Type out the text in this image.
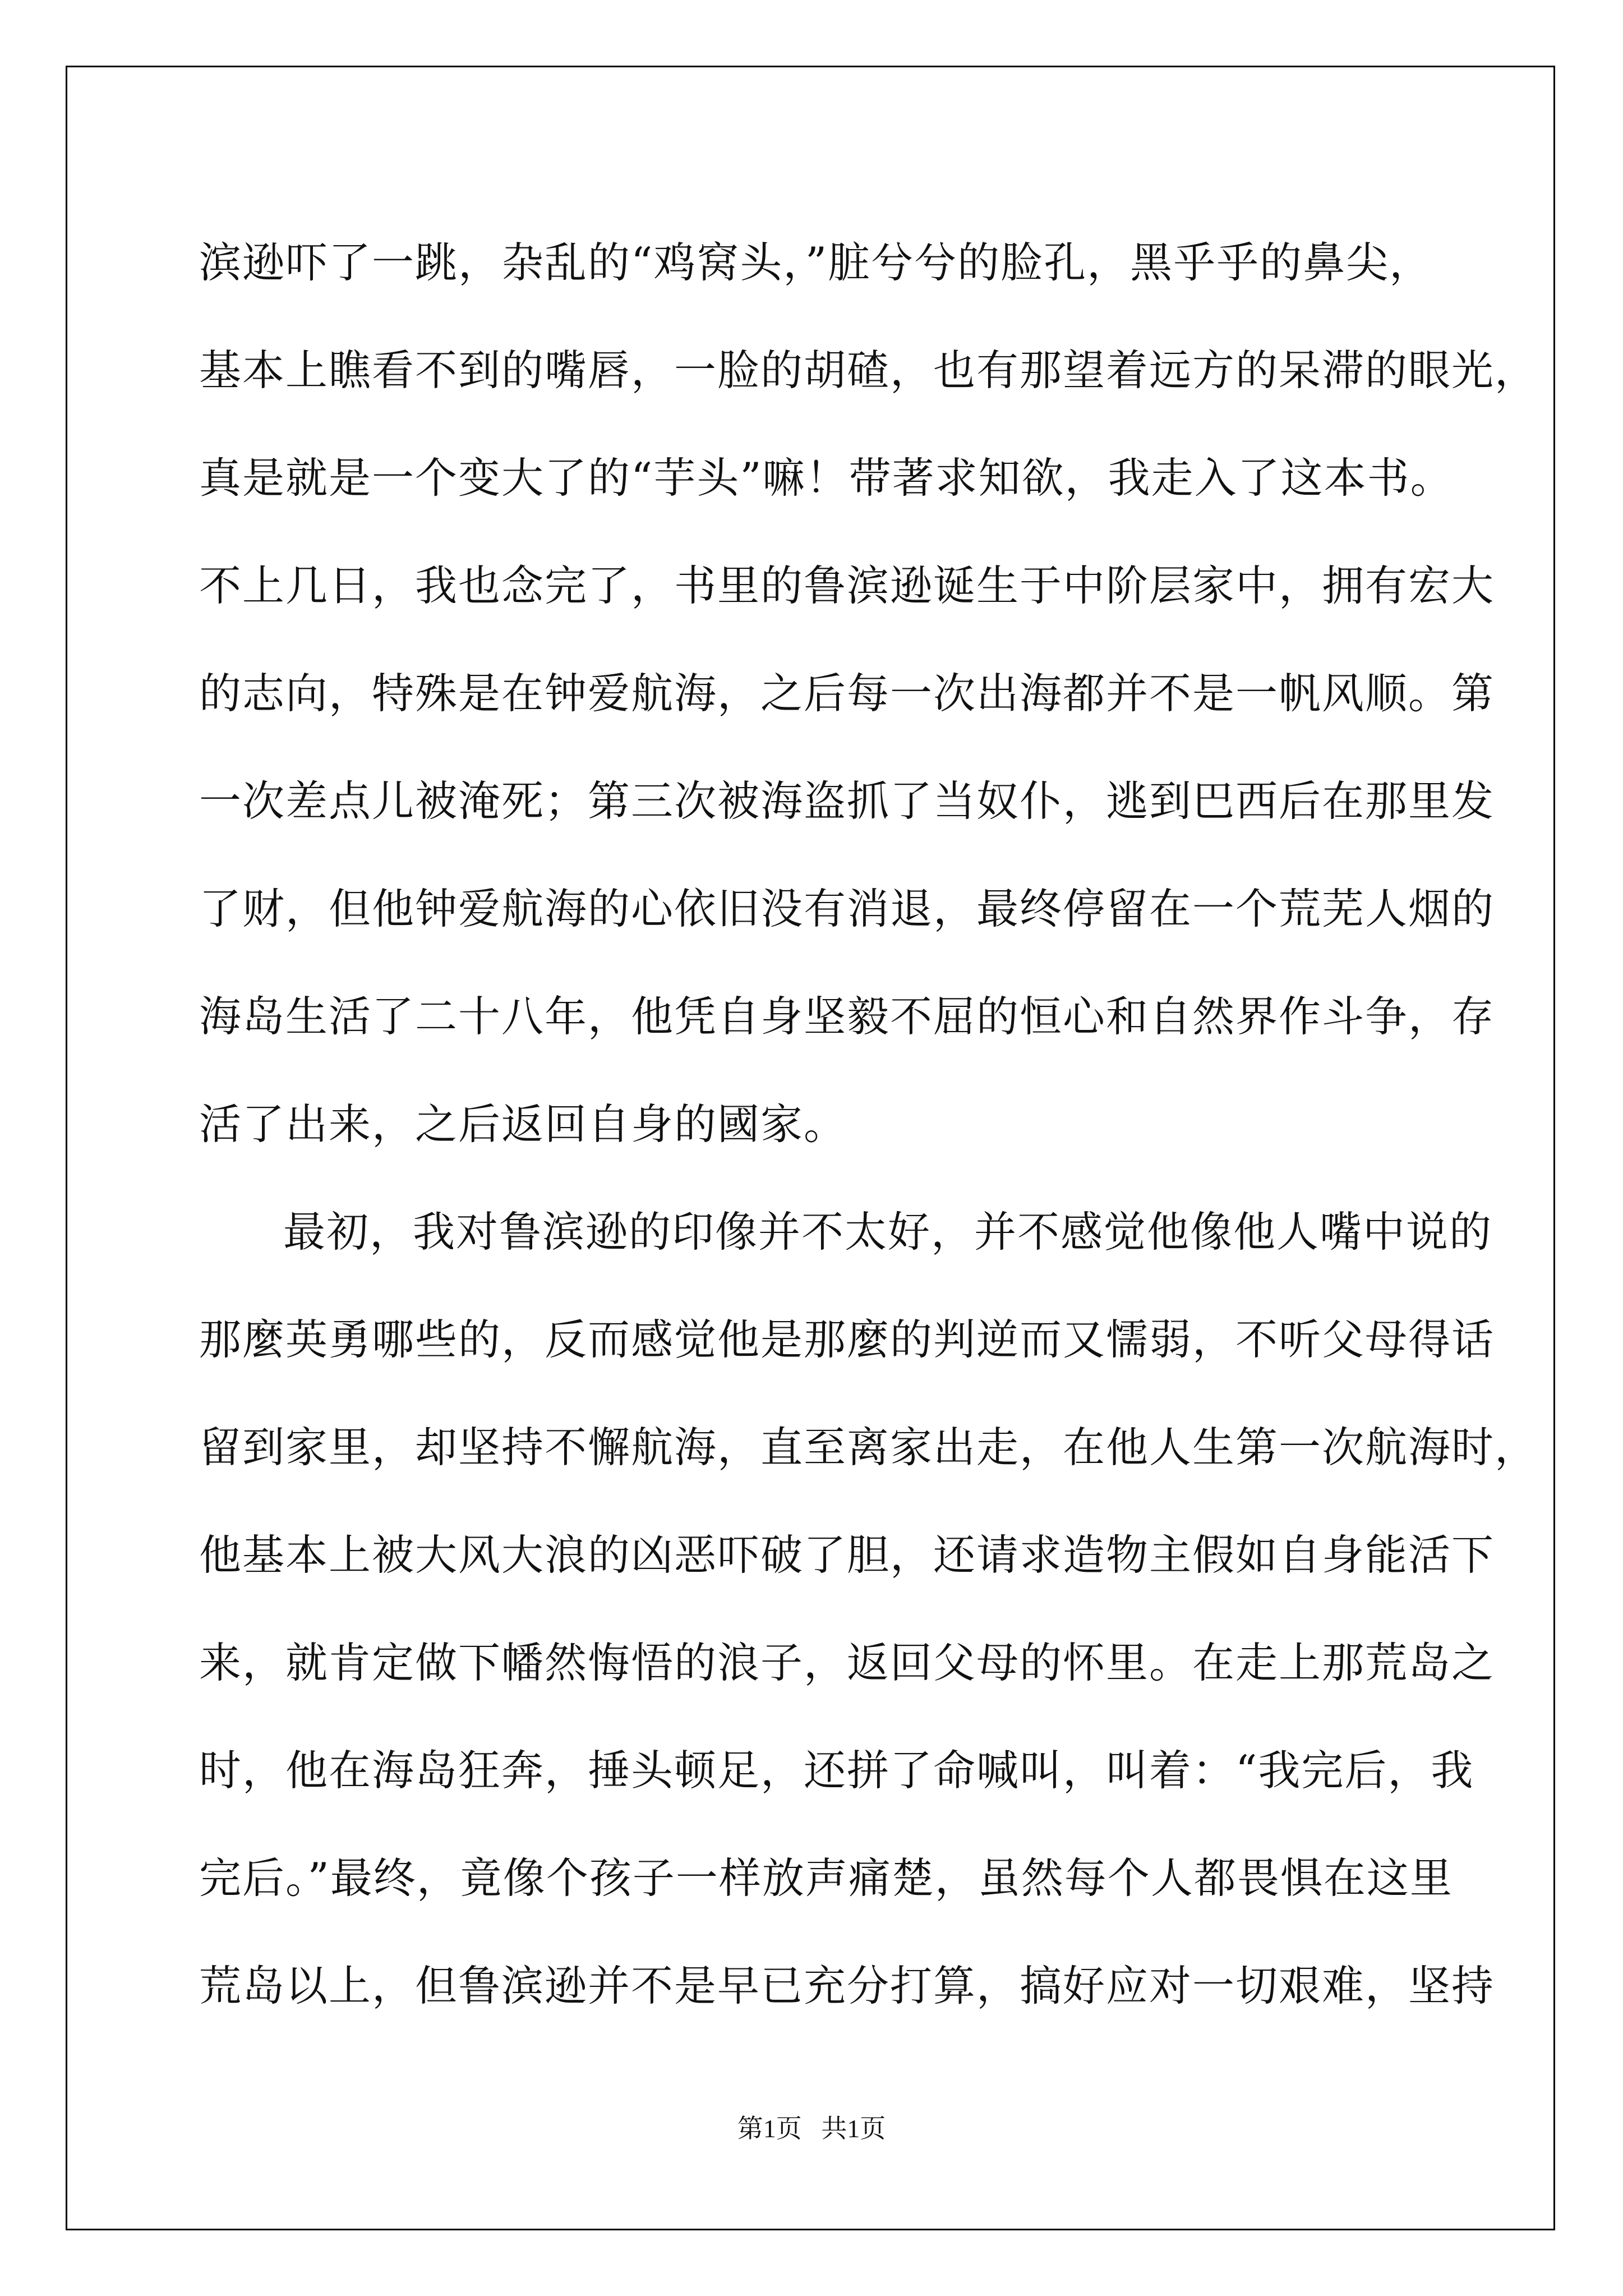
滨逊吓了一跳，杂乱的“鸡窝头，”脏兮兮的脸孔，黑乎乎的鼻尖，
基本上瞧看不到的嘴唇，一脸的胡碴，也有那望着远方的呆滞的眼光，
真是就是一个变大了的“芋头”嘛！带著求知欲，我走入了这本书。
不上几日，我也念完了，书里的鲁滨逊诞生于中阶层家中，拥有宏大
的志向，特殊是在钟爱航海，之后每一次出海都并不是一帆风顺。第
一次差点儿被淹死；第三次被海盗抓了当奴仆，逃到巴西后在那里发
了财，但他钟爱航海的心依旧没有消退，最终停留在一个荒芜人烟的
海岛生活了二十八年，他凭自身坚毅不屈的恒心和自然界作斗争，存
活了出来，之后返回自身的國家。
最初，我对鲁滨逊的印像并不太好，并不感觉他像他人嘴中说的
那麼英勇哪些的，反而感觉他是那麼的判逆而又懦弱，不听父母得话
留到家里，却坚持不懈航海，直至离家出走，在他人生第一次航海时，
他基本上被大风大浪的凶恶吓破了胆，还请求造物主假如自身能活下
来，就肯定做下幡然悔悟的浪子，返回父母的怀里。在走上那荒岛之
时，他在海岛狂奔，捶头顿足，还拼了命喊叫，叫着：“我完后，我
完后。”最终，竟像个孩子一样放声痛楚，虽然每个人都畏惧在这里
荒岛以上，但鲁滨逊并不是早已充分打算，搞好应对一切艰难，坚持
第1页   共1页
